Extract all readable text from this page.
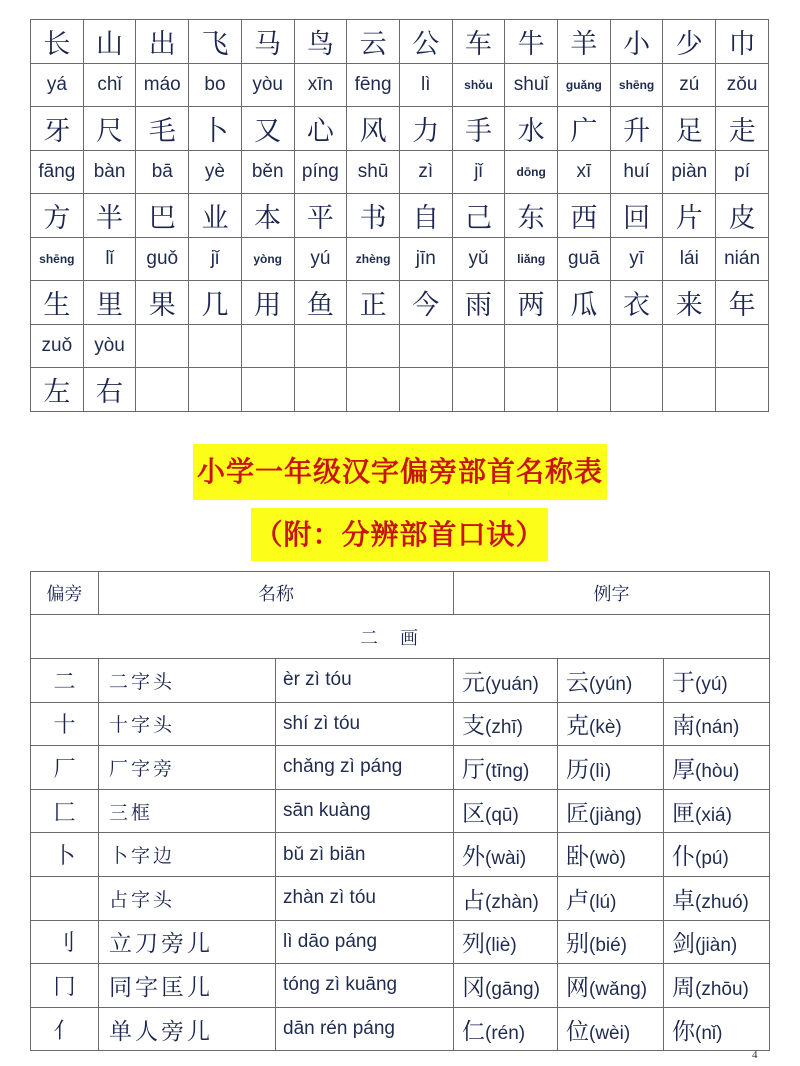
长	山	出	飞	马	鸟	云	公	车	牛	羊	小	少	巾
yá	chǐ	máo	bo	yòu	xīn	fēng	lì	shǒu	shuǐ	guǎng	shēng	zú	zǒu
牙	尺	毛	卜	又	心	风	力	手	水	广	升	足	走
fāng	bàn	bā	yè	běn	píng	shū	zì	jǐ	dōng	xī	huí	piàn	pí
方	半	巴	业	本	平	书	自	己	东	西	回	片	皮
shēng	lǐ	guǒ	jǐ	yòng	yú	zhèng	jīn	yǔ	liǎng	guā	yī	lái	nián
生	里	果	几	用	鱼	正	今	雨	两	瓜	衣	来	年
zuǒ	yòu												
左	右												
小学一年级汉字偏旁部首名称表
（附：分辨部首口诀）
偏旁	名称		例字		
二画					
二	二字头	èr zì tóu	元(yuán)	云(yún)	于(yú)
十	十字头	shí zì tóu	支(zhī)	克(kè)	南(nán)
厂	厂字旁	chǎng zì páng	厅(tīng)	历(lì)	厚(hòu)
匚	三框	sān kuàng	区(qū)	匠(jiàng)	匣(xiá)
卜	卜字边	bǔ zì biān	外(wài)	卧(wò)	仆(pú)
	占字头	zhàn zì tóu	占(zhàn)	卢(lú)	卓(zhuó)
刂	立刀旁儿	lì dāo páng	列(liè)	别(bié)	剑(jiàn)
冂	同字匡儿	tóng zì kuāng	冈(gāng)	网(wǎng)	周(zhōu)
亻	单人旁儿	dān rén páng	仁(rén)	位(wèi)	你(nǐ)
4
